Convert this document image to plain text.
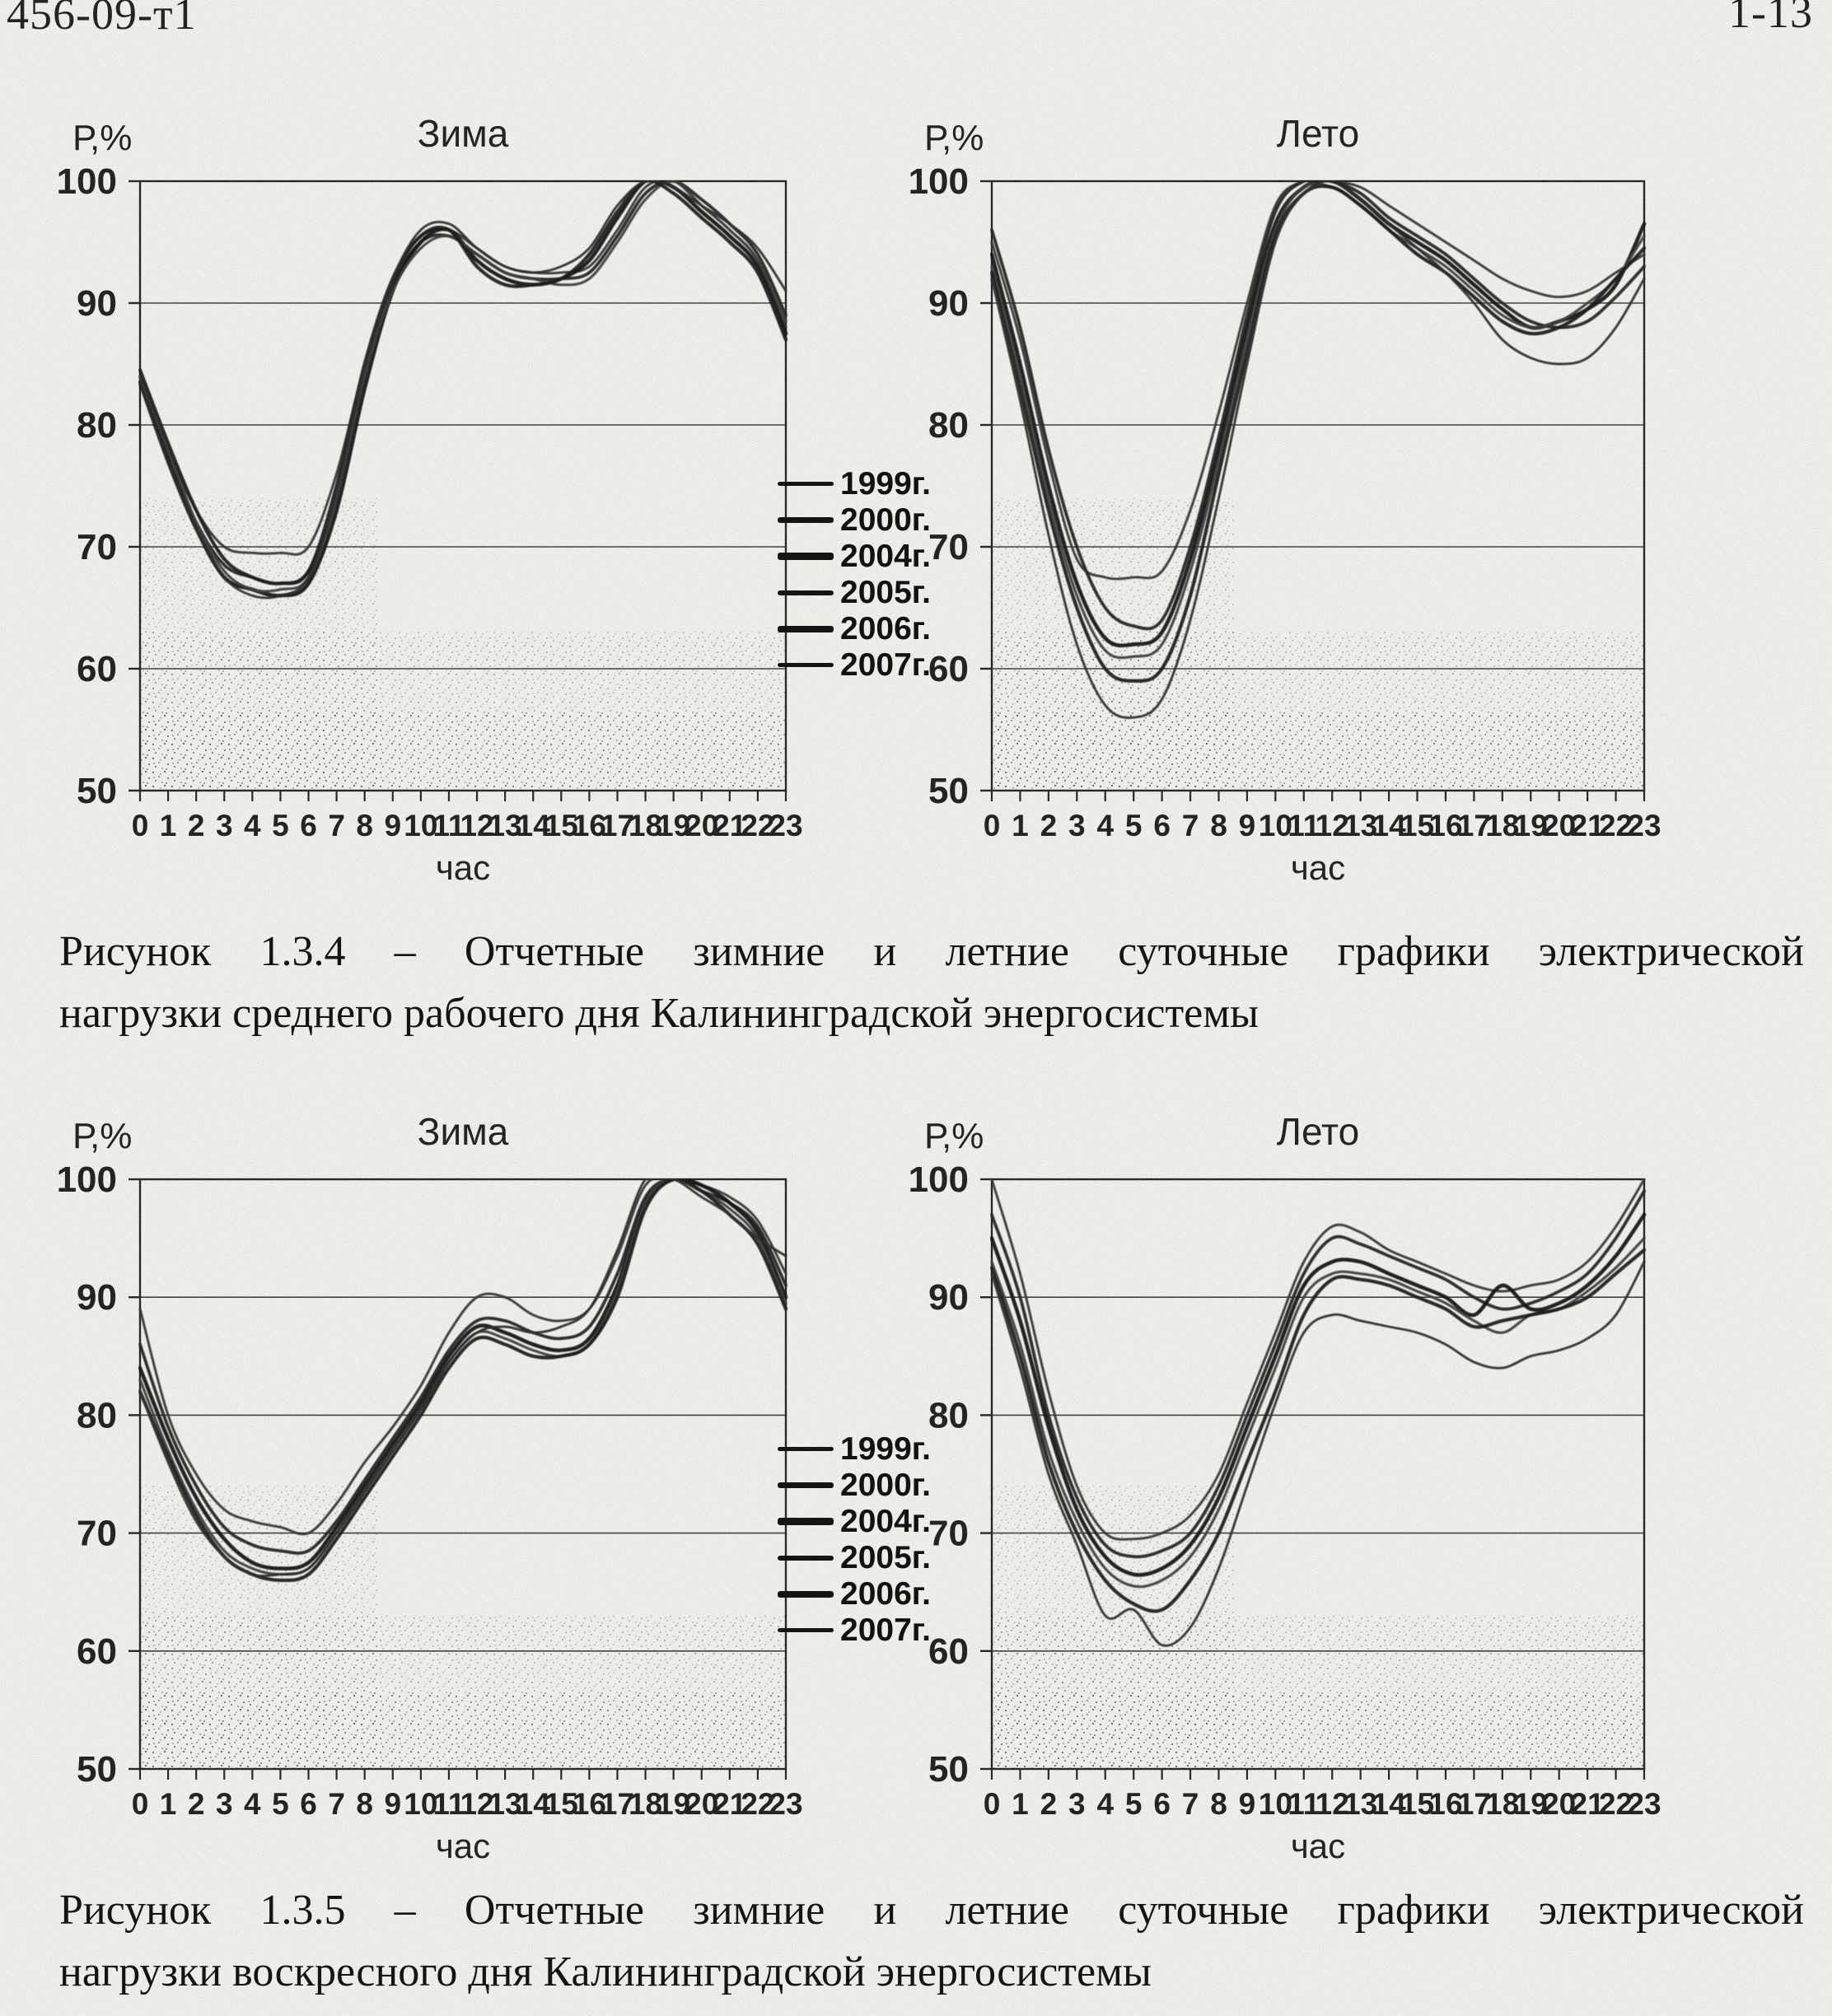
1999г.
2000г.
2004г.
2005г.
2006г.
2007г.
1999г.
2000г.
2004г.
2005г.
2006г.
2007г.
Рисунок 1.3.4 – Отчетные зимние и летние суточные графики электрической
нагрузки среднего рабочего дня Калининградской энергосистемы
Рисунок 1.3.5 – Отчетные зимние и летние суточные графики электрической
нагрузки воскресного дня Калининградской энергосистемы
